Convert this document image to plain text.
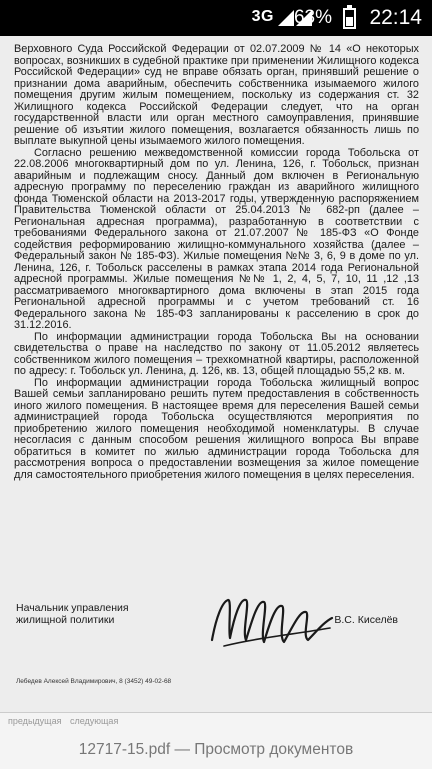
3G 63% 22:14

Верховного Суда Российской Федерации от 02.07.2009 № 14 «О некоторых вопросах, возникших в судебной практике при применении Жилищного кодекса Российской Федерации» суд не вправе обязать орган, принявший решение о признании дома аварийным, обеспечить собственника изымаемого жилого помещения другим жилым помещением, поскольку из содержания ст. 32 Жилищного кодекса Российской Федерации следует, что на орган государственной власти или орган местного самоуправления, принявшие решение об изъятии жилого помещения, возлагается обязанность лишь по выплате выкупной цены изымаемого жилого помещения.

Согласно решению межведомственной комиссии города Тобольска от 22.08.2006 многоквартирный дом по ул. Ленина, 126, г. Тобольск, признан аварийным и подлежащим сносу. Данный дом включен в Региональную адресную программу по переселению граждан из аварийного жилищного фонда Тюменской области на 2013-2017 годы, утвержденную распоряжением Правительства Тюменской области от 25.04.2013 № 682-рп (далее – Региональная адресная программа), разработанную в соответствии с требованиями Федерального закона от 21.07.2007 № 185-ФЗ «О Фонде содействия реформированию жилищно-коммунального хозяйства (далее – Федеральный закон № 185-ФЗ). Жилые помещения №№ 3, 6, 9 в доме по ул. Ленина, 126, г. Тобольск расселены в рамках этапа 2014 года Региональной адресной программы. Жилые помещения №№ 1, 2, 4, 5, 7, 10, 11 ,12 ,13 рассматриваемого многоквартирного дома включены в этап 2015 года Региональной адресной программы и с учетом требований ст. 16 Федерального закона № 185-ФЗ запланированы к расселению в срок до 31.12.2016.

По информации администрации города Тобольска Вы на основании свидетельства о праве на наследство по закону от 11.05.2012 являетесь собственником жилого помещения – трехкомнатной квартиры, расположенной по адресу: г. Тобольск ул. Ленина, д. 126, кв. 13, общей площадью 55,2 кв. м.

По информации администрации города Тобольска жилищный вопрос Вашей семьи запланировано решить путем предоставления в собственность иного жилого помещения. В настоящее время для переселения Вашей семьи администрацией города Тобольска осуществляются мероприятия по приобретению жилого помещения необходимой номенклатуры. В случае несогласия с данным способом решения жилищного вопроса Вы вправе обратиться в комитет по жилью администрации города Тобольска для рассмотрения вопроса о предоставлении возмещения за жилое помещение для самостоятельного приобретения жилого помещения в целях переселения.

Начальник управления жилищной политики	В.С. Киселёв
Лебедев Алексей Владимирович, 8 (3452) 49-02-68
предыдущая следующая
12717-15.pdf — Просмотр документов
